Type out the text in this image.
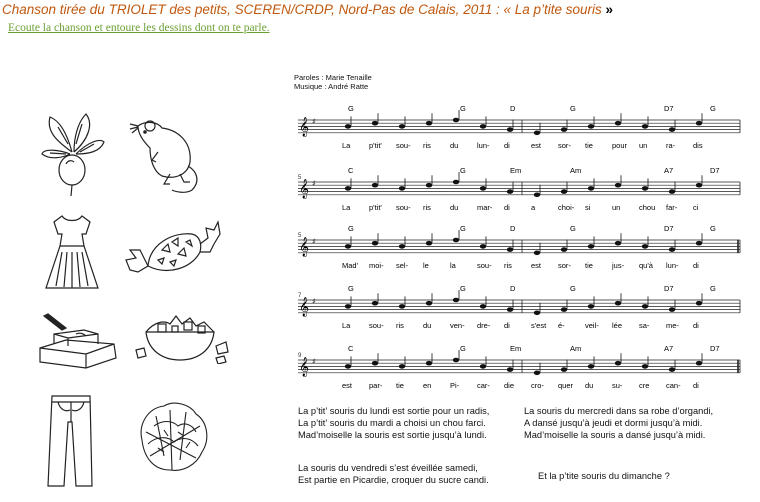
Chanson tirée du TRIOLET des petits, SCEREN/CRDP, Nord-Pas de Calais, 2011 : « La p’tite souris »
Ecoute la chanson et entoure les dessins dont on te parle.
Paroles : Marie Tenaille
Musique : André Ratte
𝄞 ♯
G	G	D	G	D7	G
La p'tit' sou- ris	du lun- di	est sor- tie	pour un ra- dis
𝄞 ♯
5
C	G	Em	Am	A7	D7
La p'tit' sou- ris	du mar- di	a	choi- si	un chou far- ci
𝄞 ♯
5
G	G	D	G	D7	G
Mad' moi- sel- le	la	sou- ris	est sor- tie	jus- qu'à lun- di
𝄞 ♯
7
G	G	D	G	D7	G
La sou- ris	du ven- dre- di	s'est é-	veil- lée sa- me- di
𝄞 ♯
9
C	G	Em	Am	A7	D7
est par- tie	en Pi- car- die cro- quer du su- cre can- di
La p’tit’ souris du lundi est sortie pour un radis,
La p’tit’ souris du mardi a choisi un chou farci.
Mad’moiselle la souris est sortie jusqu’à lundi.
La souris du mercredi dans sa robe d’organdi,
A dansé jusqu’à jeudi et dormi jusqu’à midi.
Mad’moiselle la souris a dansé jusqu’à midi.
La souris du vendredi s’est éveillée samedi,
Est partie en Picardie, croquer du sucre candi.	Et la p’tite souris du dimanche ?
